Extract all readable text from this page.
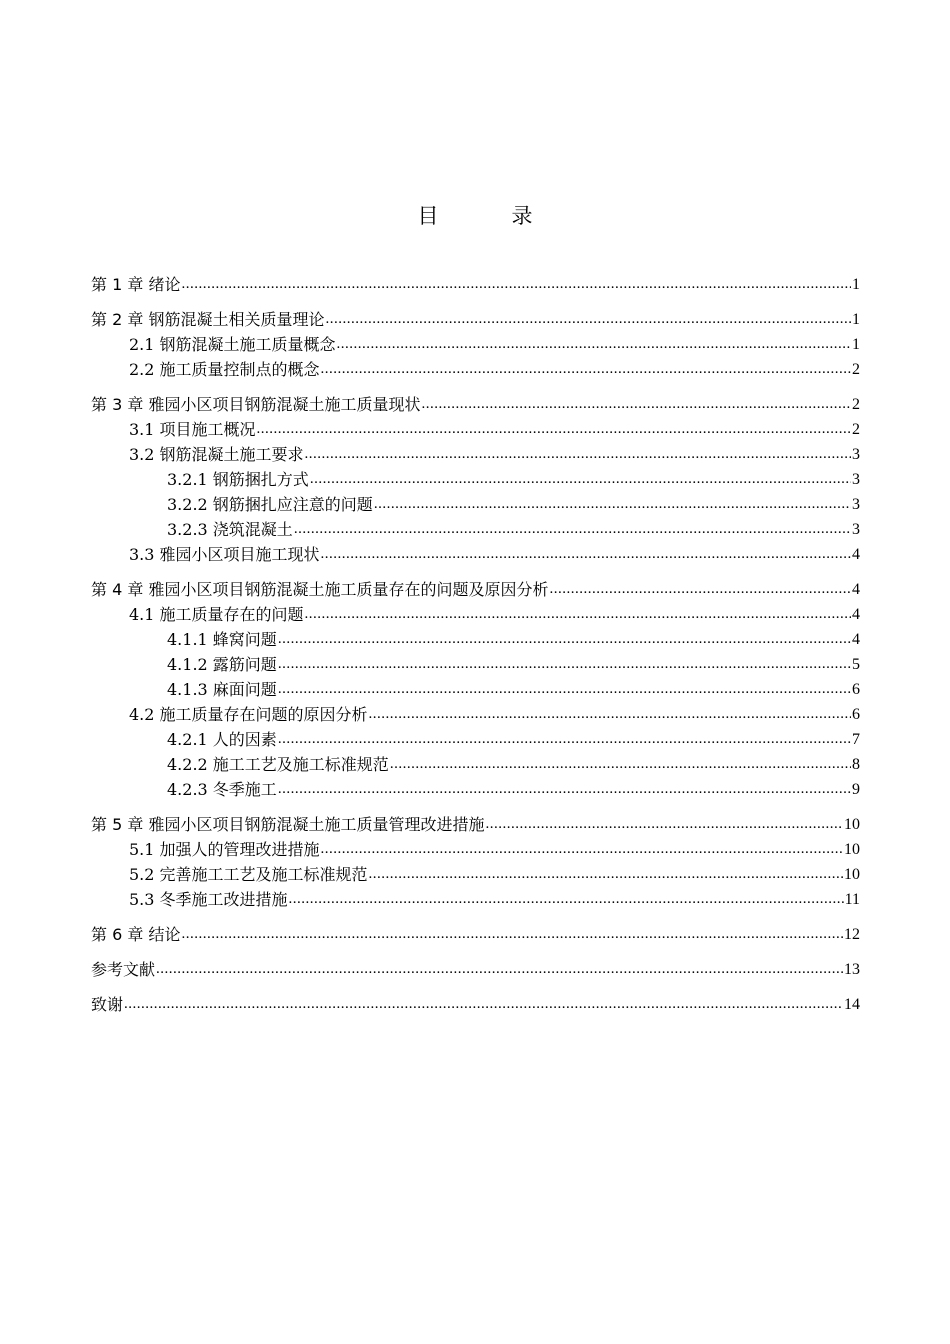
目　录
第 1 章 绪论 .....	1
第 2 章 钢筋混凝土相关质量理论 .....	1
2.1 钢筋混凝土施工质量概念 .....	1
2.2 施工质量控制点的概念 .....	2
第 3 章 雅园小区项目钢筋混凝土施工质量现状 .....	2
3.1 项目施工概况 .....	2
3.2 钢筋混凝土施工要求 .....	3
3.2.1 钢筋捆扎方式 .....	3
3.2.2 钢筋捆扎应注意的问题 .....	3
3.2.3 浇筑混凝土 .....	3
3.3 雅园小区项目施工现状 .....	4
第 4 章 雅园小区项目钢筋混凝土施工质量存在的问题及原因分析 .....	4
4.1 施工质量存在的问题 .....	4
4.1.1 蜂窝问题 .....	4
4.1.2 露筋问题 .....	5
4.1.3 麻面问题 .....	6
4.2 施工质量存在问题的原因分析 .....	6
4.2.1 人的因素 .....	7
4.2.2 施工工艺及施工标准规范 .....	8
4.2.3 冬季施工 .....	9
第 5 章 雅园小区项目钢筋混凝土施工质量管理改进措施 .....	10
5.1 加强人的管理改进措施 .....	10
5.2 完善施工工艺及施工标准规范 .....	10
5.3 冬季施工改进措施 .....	11
第 6 章 结论 .....	12
参考文献 .....	13
致谢 .....	14
